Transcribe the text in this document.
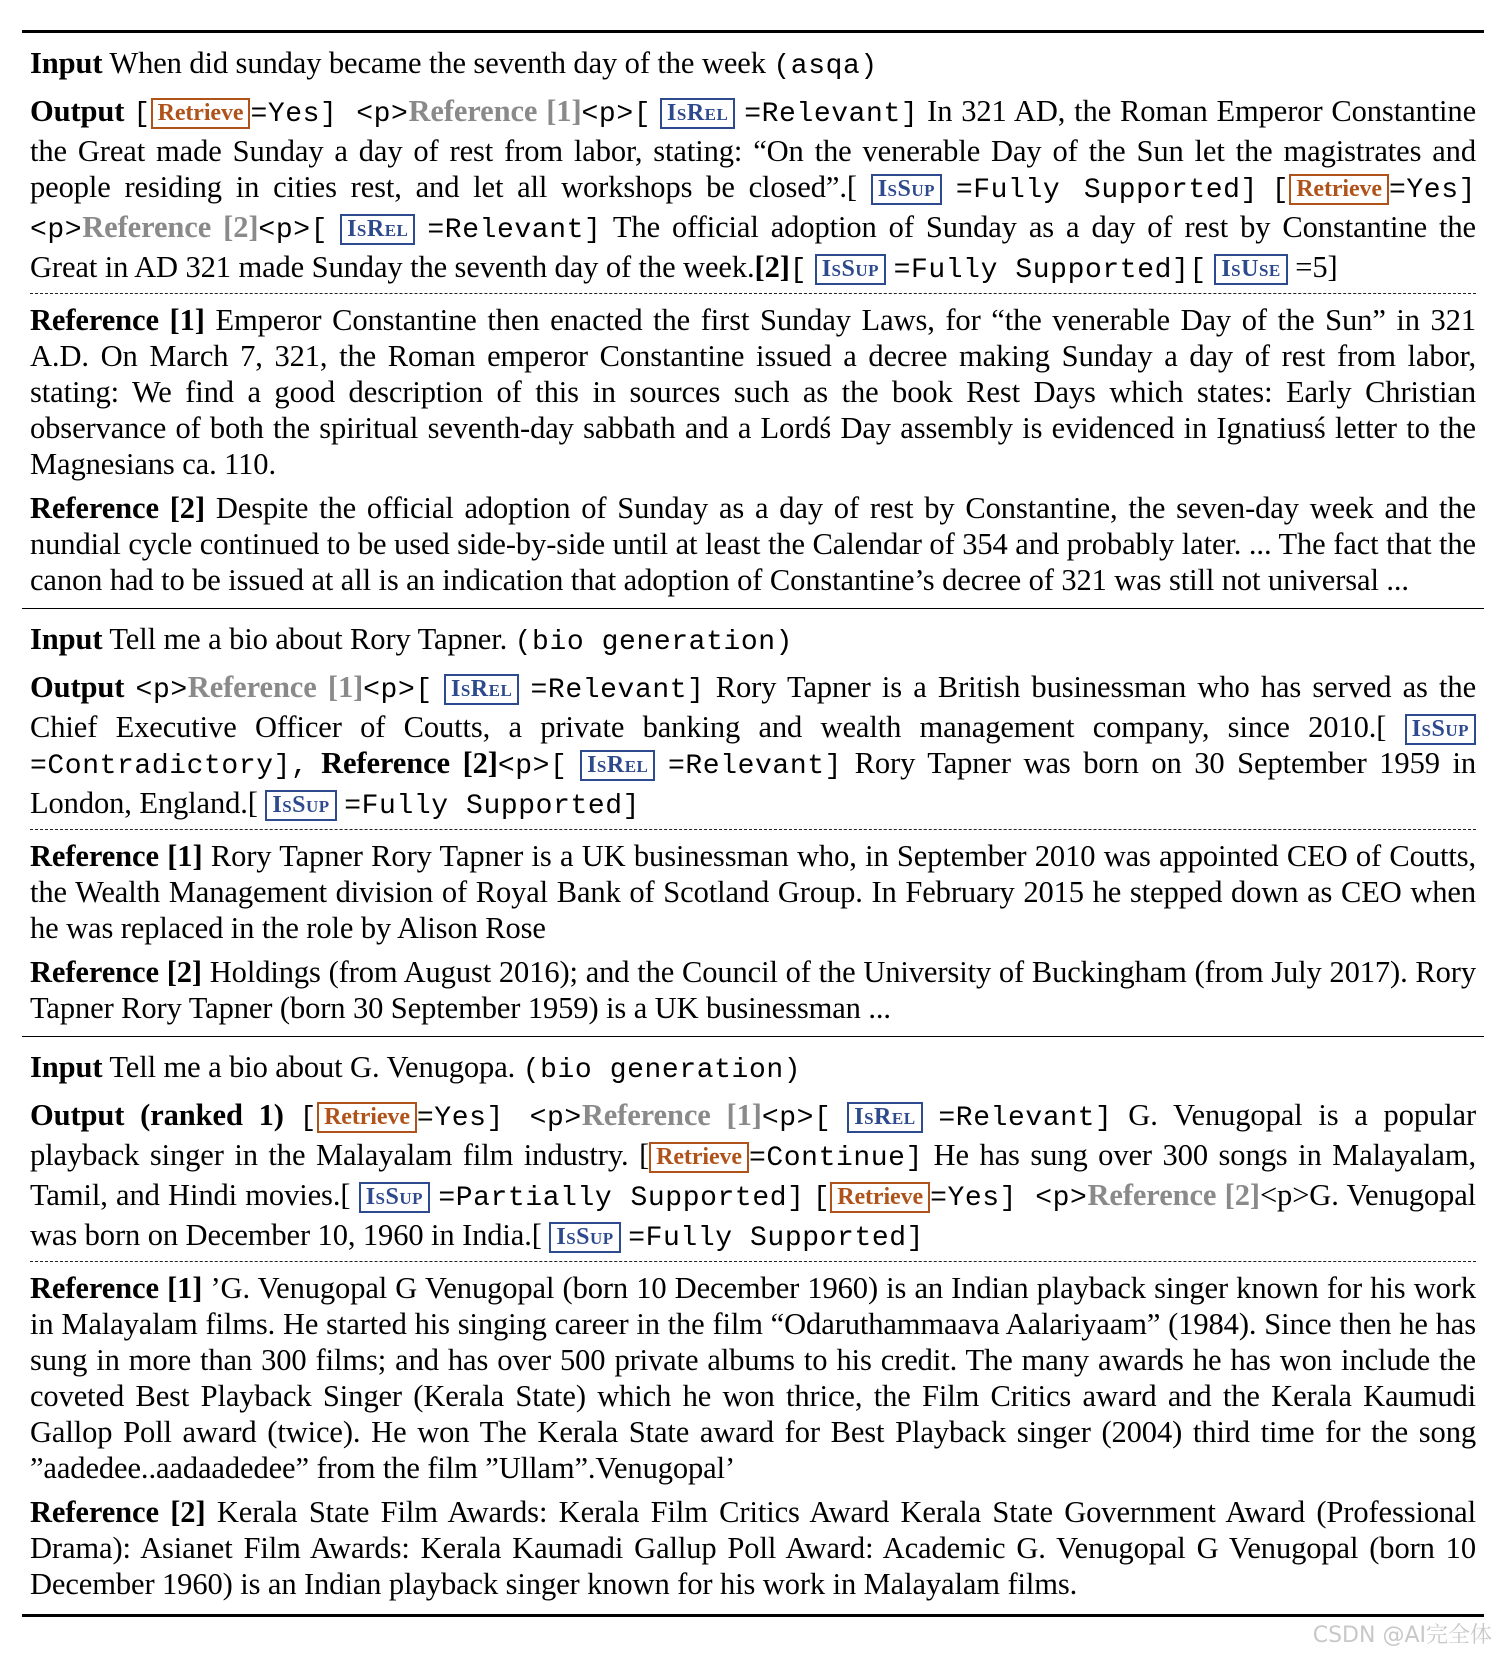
Input When did sunday became the seventh day of the week (asqa)

Output [ Retrieve =Yes] <p>Reference [1]<p>[ IsRel =Relevant] In 321 AD, the Roman Emperor Constantine the Great made Sunday a day of rest from labor, stating: “On the venerable Day of the Sun let the magistrates and people residing in cities rest, and let all workshops be closed”.[ IsSup =Fully Supported] [ Retrieve =Yes] <p>Reference [2]<p>[ IsRel =Relevant] The official adoption of Sunday as a day of rest by Constantine the Great in AD 321 made Sunday the seventh day of the week.[2][ IsSup =Fully Supported][ IsUse =5]

Reference [1] Emperor Constantine then enacted the first Sunday Laws, for “the venerable Day of the Sun” in 321 A.D. On March 7, 321, the Roman emperor Constantine issued a decree making Sunday a day of rest from labor, stating: We find a good description of this in sources such as the book Rest Days which states: Early Christian observance of both the spiritual seventh-day sabbath and a Lordś Day assembly is evidenced in Ignatiusś letter to the Magnesians ca. 110.

Reference [2] Despite the official adoption of Sunday as a day of rest by Constantine, the seven-day week and the nundial cycle continued to be used side-by-side until at least the Calendar of 354 and probably later. ... The fact that the canon had to be issued at all is an indication that adoption of Constantine’s decree of 321 was still not universal ...

Input Tell me a bio about Rory Tapner. (bio generation)

Output <p>Reference [1]<p>[ IsRel =Relevant] Rory Tapner is a British businessman who has served as the Chief Executive Officer of Coutts, a private banking and wealth management company, since 2010.[ IsSup =Contradictory], Reference [2]<p>[ IsRel =Relevant] Rory Tapner was born on 30 September 1959 in London, England.[ IsSup =Fully Supported]

Reference [1] Rory Tapner Rory Tapner is a UK businessman who, in September 2010 was appointed CEO of Coutts, the Wealth Management division of Royal Bank of Scotland Group. In February 2015 he stepped down as CEO when he was replaced in the role by Alison Rose

Reference [2] Holdings (from August 2016); and the Council of the University of Buckingham (from July 2017). Rory Tapner Rory Tapner (born 30 September 1959) is a UK businessman ...

Input Tell me a bio about G. Venugopa. (bio generation)

Output (ranked 1) [ Retrieve =Yes] <p>Reference [1]<p>[ IsRel =Relevant] G. Venugopal is a popular playback singer in the Malayalam film industry. [ Retrieve =Continue] He has sung over 300 songs in Malayalam, Tamil, and Hindi movies.[ IsSup =Partially Supported] [ Retrieve =Yes] <p>Reference [2]<p>G. Venugopal was born on December 10, 1960 in India.[ IsSup =Fully Supported]

Reference [1] ’G. Venugopal G Venugopal (born 10 December 1960) is an Indian playback singer known for his work in Malayalam films. He started his singing career in the film “Odaruthammaava Aalariyaam” (1984). Since then he has sung in more than 300 films; and has over 500 private albums to his credit. The many awards he has won include the coveted Best Playback Singer (Kerala State) which he won thrice, the Film Critics award and the Kerala Kaumudi Gallop Poll award (twice). He won The Kerala State award for Best Playback singer (2004) third time for the song ”aadedee..aadaadedee” from the film ”Ullam”.Venugopal’

Reference [2] Kerala State Film Awards: Kerala Film Critics Award Kerala State Government Award (Professional Drama): Asianet Film Awards: Kerala Kaumadi Gallup Poll Award: Academic G. Venugopal G Venugopal (born 10 December 1960) is an Indian playback singer known for his work in Malayalam films.

CSDN @AI完全体
